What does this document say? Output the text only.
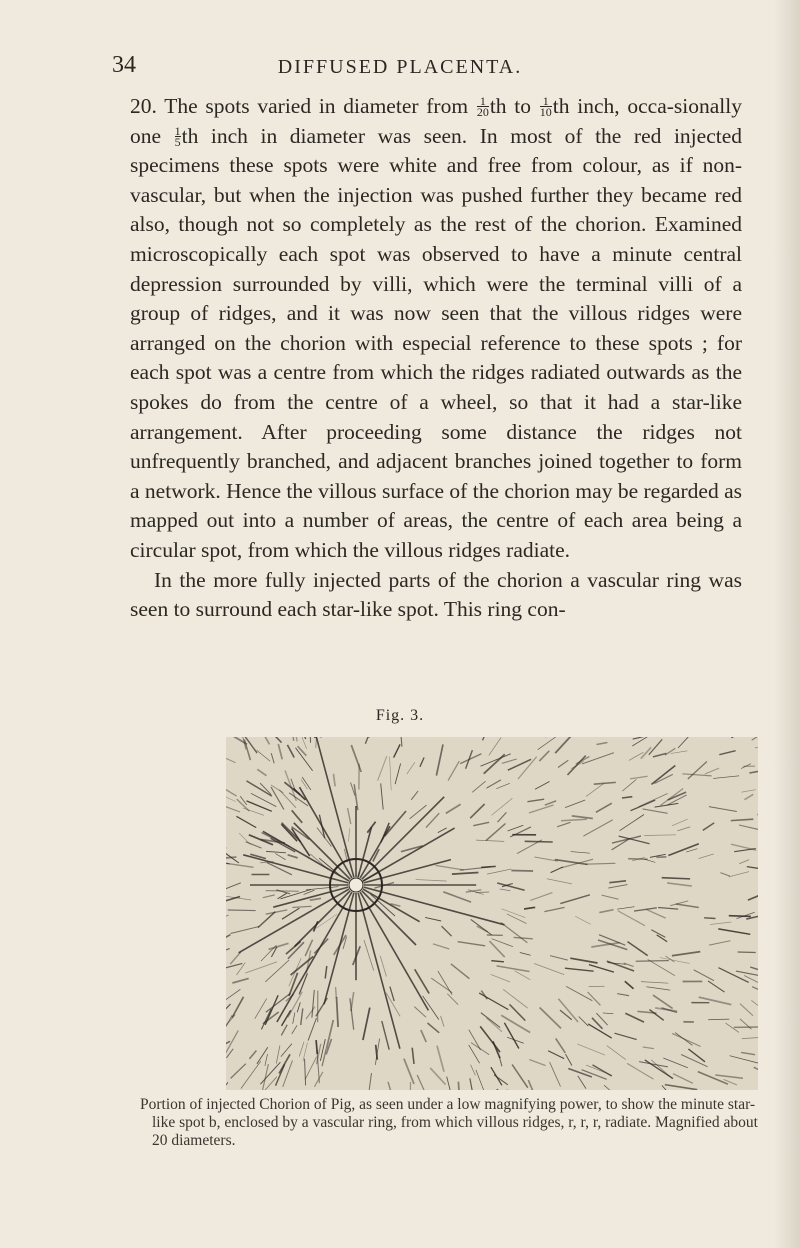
34	DIFFUSED PLACENTA.

20. The spots varied in diameter from $\frac{1}{20}$ th to $\frac{1}{10}$ th inch, occa-sionally one $\frac{1}{5}$ th inch in diameter was seen. In most of the red injected specimens these spots were white and free from colour, as if non-vascular, but when the injection was pushed further they became red also, though not so completely as the rest of the chorion. Examined microscopically each spot was observed to have a minute central depression surrounded by villi, which were the terminal villi of a group of ridges, and it was now seen that the villous ridges were arranged on the chorion with especial reference to these spots ; for each spot was a centre from which the ridges radiated outwards as the spokes do from the centre of a wheel, so that it had a star-like arrangement. After proceeding some distance the ridges not unfrequently branched, and adjacent branches joined together to form a network. Hence the villous surface of the chorion may be regarded as mapped out into a number of areas, the centre of each area being a circular spot, from which the villous ridges radiate.

In the more fully injected parts of the chorion a vascular ring was seen to surround each star-like spot. This ring con-

Fig. 3.
Portion of injected Chorion of Pig, as seen under a low magnifying power, to show the minute star-like spot b, enclosed by a vascular ring, from which villous ridges, r, r, r, radiate. Magnified about 20 diameters.
